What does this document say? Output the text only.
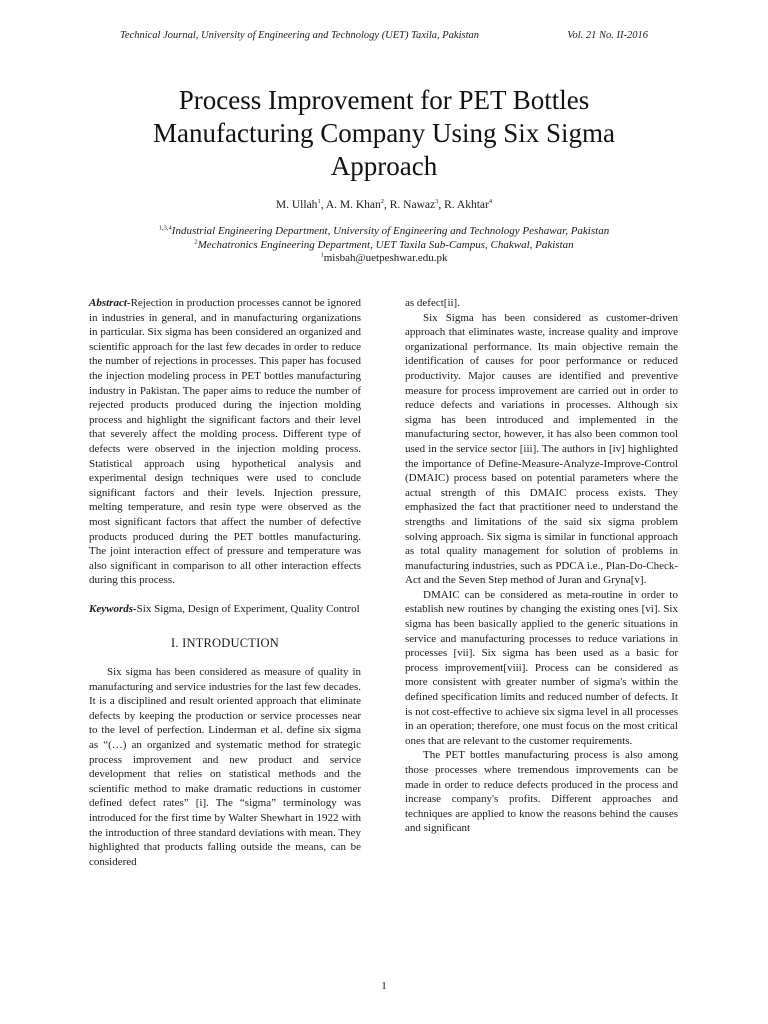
Technical Journal, University of Engineering and Technology (UET) Taxila, Pakistan	Vol. 21 No. II-2016
Process Improvement for PET Bottles
Manufacturing Company Using Six Sigma
Approach
M. Ullah$^1$, A. M. Khan$^2$, R. Nawaz$^3$, R. Akhtar$^4$
$^{1,3,4}$Industrial Engineering Department, University of Engineering and Technology Peshawar, Pakistan
$^2$Mechatronics Engineering Department, UET Taxila Sub-Campus, Chakwal, Pakistan
$^1$misbah@uetpeshwar.edu.pk

Abstract-Rejection in production processes cannot be ignored in industries in general, and in manufacturing organizations in particular. Six sigma has been considered an organized and scientific approach for the last few decades in order to reduce the number of rejections in processes. This paper has focused the injection modeling process in PET bottles manufacturing industry in Pakistan. The paper aims to reduce the number of rejected products produced during the injection molding process and highlight the significant factors and their level that severely affect the molding process. Different type of defects were observed in the injection molding process. Statistical approach using hypothetical analysis and experimental design techniques were used to conclude significant factors and their levels. Injection pressure, melting temperature, and resin type were observed as the most significant factors that affect the number of defective products produced during the PET bottles manufacturing. The joint interaction effect of pressure and temperature was also significant in comparison to all other interaction effects during this process.

Keywords-Six Sigma, Design of Experiment, Quality Control

I. INTRODUCTION

Six sigma has been considered as measure of quality in manufacturing and service industries for the last few decades. It is a disciplined and result oriented approach that eliminate defects by keeping the production or service processes near to the level of perfection. Linderman et al. define six sigma as “(…) an organized and systematic method for strategic process improvement and new product and service development that relies on statistical methods and the scientific method to make dramatic reductions in customer defined defect rates” [i]. The “sigma” terminology was introduced for the first time by Walter Shewhart in 1922 with the introduction of three standard deviations with mean. They highlighted that products falling outside the means, can be considered

as defect[ii].

Six Sigma has been considered as customer-driven approach that eliminates waste, increase quality and improve organizational performance. Its main objective remain the identification of causes for poor performance or reduced productivity. Major causes are identified and preventive measure for process improvement are carried out in order to reduce defects and variations in processes. Although six sigma has been introduced and implemented in the manufacturing sector, however, it has also been common tool used in the service sector [iii]. The authors in [iv] highlighted the importance of Define-Measure-Analyze-Improve-Control (DMAIC) process based on potential parameters where the actual strength of this DMAIC process exists. They emphasized the fact that practitioner need to understand the strengths and limitations of the said six sigma problem solving approach. Six sigma is similar in functional approach as total quality management for solution of problems in manufacturing industries, such as PDCA i.e., Plan-Do-Check-Act and the Seven Step method of Juran and Gryna[v].

DMAIC can be considered as meta-routine in order to establish new routines by changing the existing ones [vi]. Six sigma has been basically applied to the generic situations in service and manufacturing processes to reduce variations in processes [vii]. Six sigma has been used as a basic for process improvement[viii]. Process can be considered as more consistent with greater number of sigma's within the defined specification limits and reduced number of defects. It is not cost-effective to achieve six sigma level in all processes in an operation; therefore, one must focus on the most critical ones that are relevant to the customer requirements.

The PET bottles manufacturing process is also among those processes where tremendous improvements can be made in order to reduce defects produced in the process and increase company's profits. Different approaches and techniques are applied to know the reasons behind the causes and significant

1
